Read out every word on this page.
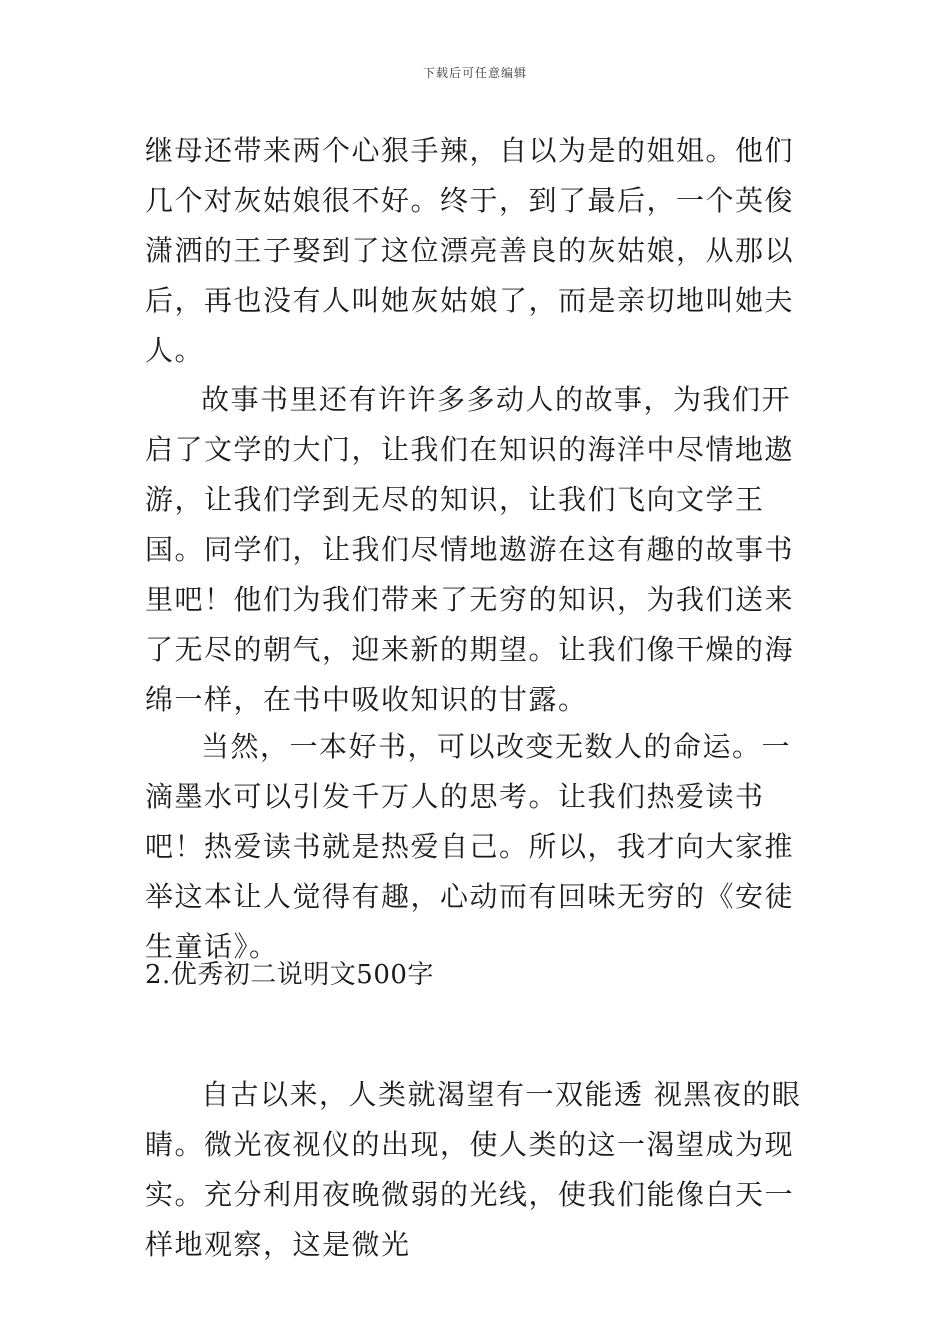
下载后可任意编辑

继母还带来两个心狠手辣，自以为是的姐姐。他们几个对灰姑娘很不好。终于，到了最后，一个英俊潇洒的王子娶到了这位漂亮善良的灰姑娘，从那以后，再也没有人叫她灰姑娘了，而是亲切地叫她夫人。

故事书里还有许许多多动人的故事，为我们开启了文学的大门，让我们在知识的海洋中尽情地遨游，让我们学到无尽的知识，让我们飞向文学王国。同学们，让我们尽情地遨游在这有趣的故事书里吧！他们为我们带来了无穷的知识，为我们送来了无尽的朝气，迎来新的期望。让我们像干燥的海绵一样，在书中吸收知识的甘露。

当然，一本好书，可以改变无数人的命运。一滴墨水可以引发千万人的思考。让我们热爱读书吧！热爱读书就是热爱自己。所以，我才向大家推举这本让人觉得有趣，心动而有回味无穷的《安徒生童话》。

2.优秀初二说明文500字

自古以来，人类就渴望有一双能透 视黑夜的眼睛。微光夜视仪的出现，使人类的这一渴望成为现实。充分利用夜晚微弱的光线，使我们能像白天一样地观察，这是微光
